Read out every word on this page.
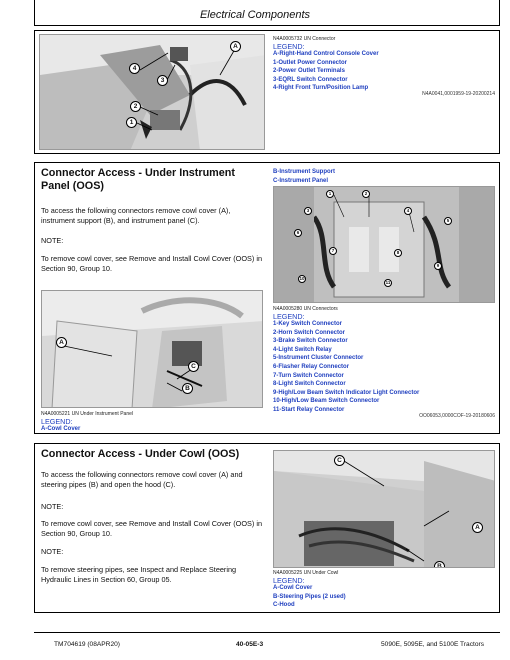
Electrical Components
4
3
2
1
A
N4A0005732 UN Connector
LEGEND:
A-Right-Hand Control Console Cover
1-Outlet Power Connector
2-Power Outlet Terminals
3-EQRL Switch Connector
4-Right Front Turn/Position Lamp
N4A0041,0001959-19-20200214
Connector Access - Under Instrument Panel (OOS)
To access the following connectors remove cowl cover (A), instrument support (B), and instrument panel (C).
NOTE:
To remove cowl cover, see Remove and Install Cowl Cover (OOS) in Section 90, Group 10.
A
C
B
N4A0005221 UN Under Instrument Panel
LEGEND:
A-Cowl Cover
B-Instrument Support
C-Instrument Panel
1	2
3	4
5
6
7	8
9
10
11
N4A0005280 UN Connectors
LEGEND:
1-Key Switch Connector
2-Horn Switch Connector
3-Brake Switch Connector
4-Light Switch Relay
5-Instrument Cluster Connector
6-Flasher Relay Connector
7-Turn Switch Connector
8-Light Switch Connector
9-High/Low Beam Switch Indicator Light Connector
10-High/Low Beam Switch Connector
11-Start Relay Connector
OO06053,0000COF-19-20180606
Connector Access - Under Cowl (OOS)
To access the following connectors remove cowl cover (A) and steering pipes (B) and open the hood (C).
NOTE:
To remove cowl cover, see Remove and Install Cowl Cover (OOS) in Section 90, Group 10.
NOTE:
To remove steering pipes, see Inspect and Replace Steering Hydraulic Lines in Section 60, Group 05.
C
A
B
N4A0005225 UN Under Cowl
LEGEND:
A-Cowl Cover
B-Steering Pipes (2 used)
C-Hood
TM704619 (08APR20)	40-05E-3	5090E, 5095E, and 5100E Tractors
